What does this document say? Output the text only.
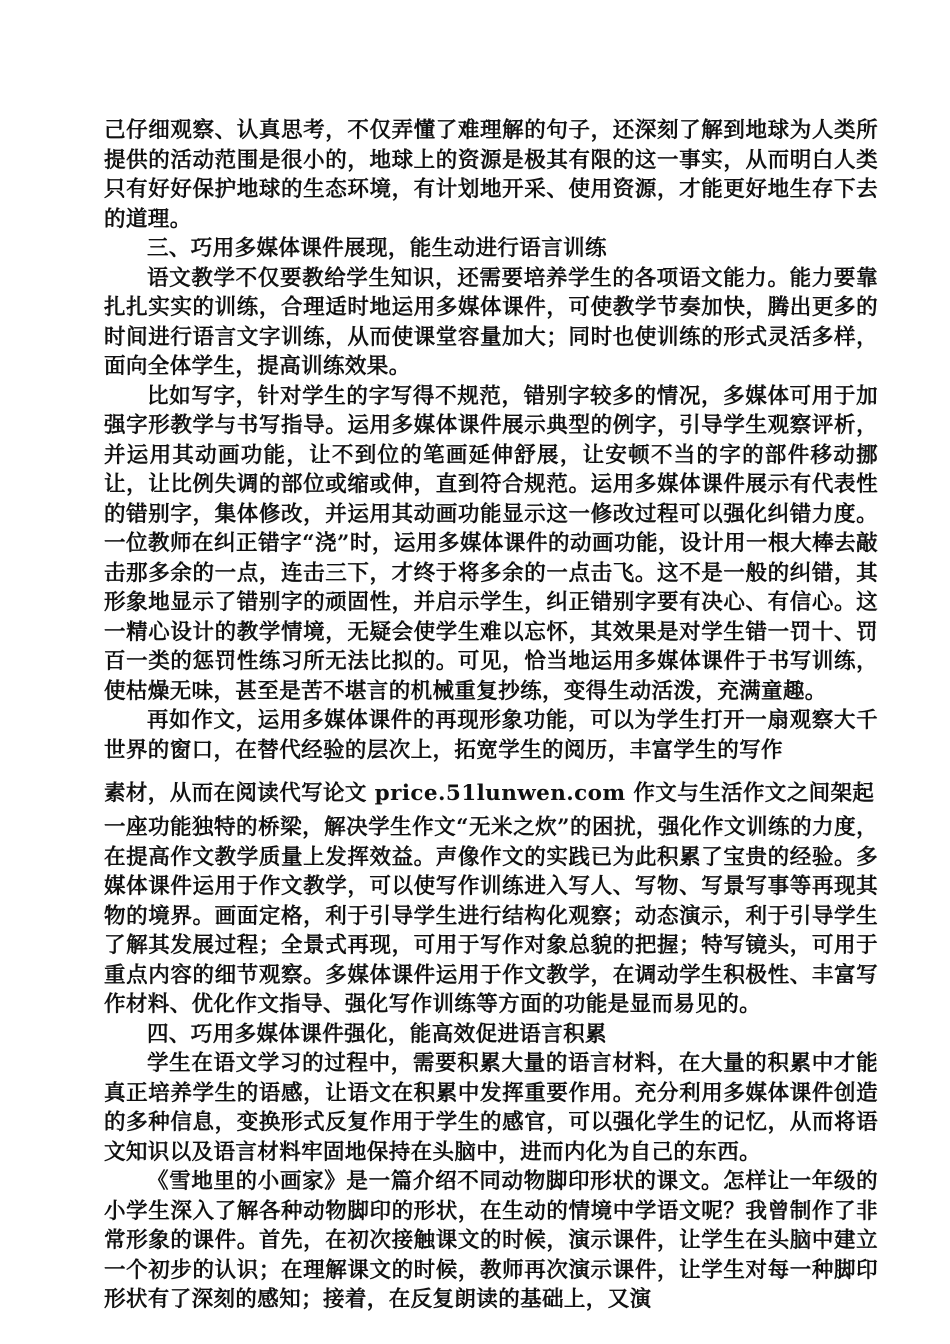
己仔细观察、认真思考，不仅弄懂了难理解的句子，还深刻了解到地球为人类所提供的活动范围是很小的，地球上的资源是极其有限的这一事实，从而明白人类只有好好保护地球的生态环境，有计划地开采、使用资源，才能更好地生存下去的道理。

三、巧用多媒体课件展现，能生动进行语言训练

语文教学不仅要教给学生知识，还需要培养学生的各项语文能力。能力要靠扎扎实实的训练，合理适时地运用多媒体课件，可使教学节奏加快，腾出更多的时间进行语言文字训练，从而使课堂容量加大；同时也使训练的形式灵活多样，面向全体学生，提高训练效果。

比如写字，针对学生的字写得不规范，错别字较多的情况，多媒体可用于加强字形教学与书写指导。运用多媒体课件展示典型的例字，引导学生观察评析，并运用其动画功能，让不到位的笔画延伸舒展，让安顿不当的字的部件移动挪让，让比例失调的部位或缩或伸，直到符合规范。运用多媒体课件展示有代表性的错别字，集体修改，并运用其动画功能显示这一修改过程可以强化纠错力度。一位教师在纠正错字“浇”时，运用多媒体课件的动画功能，设计用一根大棒去敲击那多余的一点，连击三下，才终于将多余的一点击飞。这不是一般的纠错，其形象地显示了错别字的顽固性，并启示学生，纠正错别字要有决心、有信心。这一精心设计的教学情境，无疑会使学生难以忘怀，其效果是对学生错一罚十、罚百一类的惩罚性练习所无法比拟的。可见，恰当地运用多媒体课件于书写训练，使枯燥无味，甚至是苦不堪言的机械重复抄练，变得生动活泼，充满童趣。

再如作文，运用多媒体课件的再现形象功能，可以为学生打开一扇观察大千世界的窗口，在替代经验的层次上，拓宽学生的阅历，丰富学生的写作

素材，从而在阅读代写论文 price.51lunwen.com 作文与生活作文之间架起

一座功能独特的桥梁，解决学生作文“无米之炊”的困扰，强化作文训练的力度，在提高作文教学质量上发挥效益。声像作文的实践已为此积累了宝贵的经验。多媒体课件运用于作文教学，可以使写作训练进入写人、写物、写景写事等再现其物的境界。画面定格，利于引导学生进行结构化观察；动态演示，利于引导学生了解其发展过程；全景式再现，可用于写作对象总貌的把握；特写镜头，可用于重点内容的细节观察。多媒体课件运用于作文教学，在调动学生积极性、丰富写作材料、优化作文指导、强化写作训练等方面的功能是显而易见的。

四、巧用多媒体课件强化，能高效促进语言积累

学生在语文学习的过程中，需要积累大量的语言材料，在大量的积累中才能真正培养学生的语感，让语文在积累中发挥重要作用。充分利用多媒体课件创造的多种信息，变换形式反复作用于学生的感官，可以强化学生的记忆，从而将语文知识以及语言材料牢固地保持在头脑中，进而内化为自己的东西。

《雪地里的小画家》是一篇介绍不同动物脚印形状的课文。怎样让一年级的小学生深入了解各种动物脚印的形状，在生动的情境中学语文呢？我曾制作了非常形象的课件。首先，在初次接触课文的时候，演示课件，让学生在头脑中建立一个初步的认识；在理解课文的时候，教师再次演示课件，让学生对每一种脚印形状有了深刻的感知；接着，在反复朗读的基础上，又演
